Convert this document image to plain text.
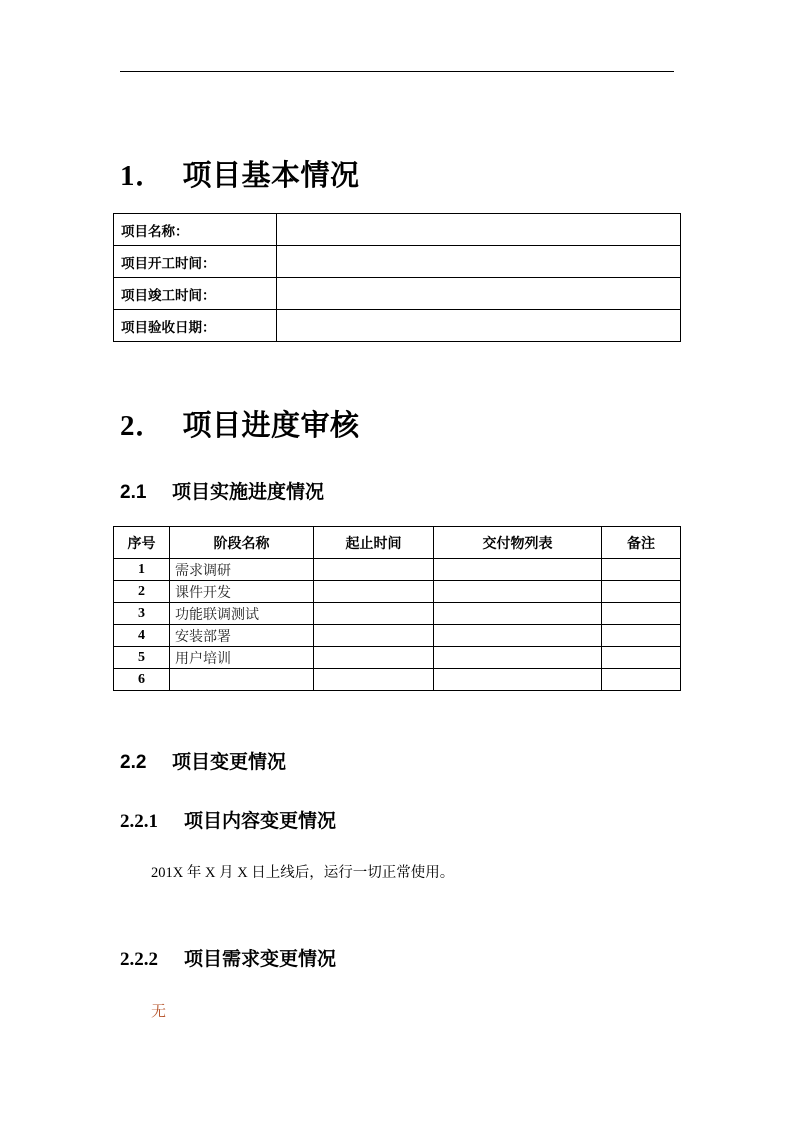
1． 项目基本情况
项目名称：	
项目开工时间：	
项目竣工时间：	
项目验收日期：	
2． 项目进度审核
2.1 项目实施进度情况
序号	阶段名称	起止时间	交付物列表	备注
1	需求调研			
2	课件开发			
3	功能联调测试			
4	安装部署			
5	用户培训			
6				
2.2 项目变更情况
2.2.1 项目内容变更情况
201X 年 X 月 X 日上线后，运行一切正常使用。
2.2.2 项目需求变更情况
无
